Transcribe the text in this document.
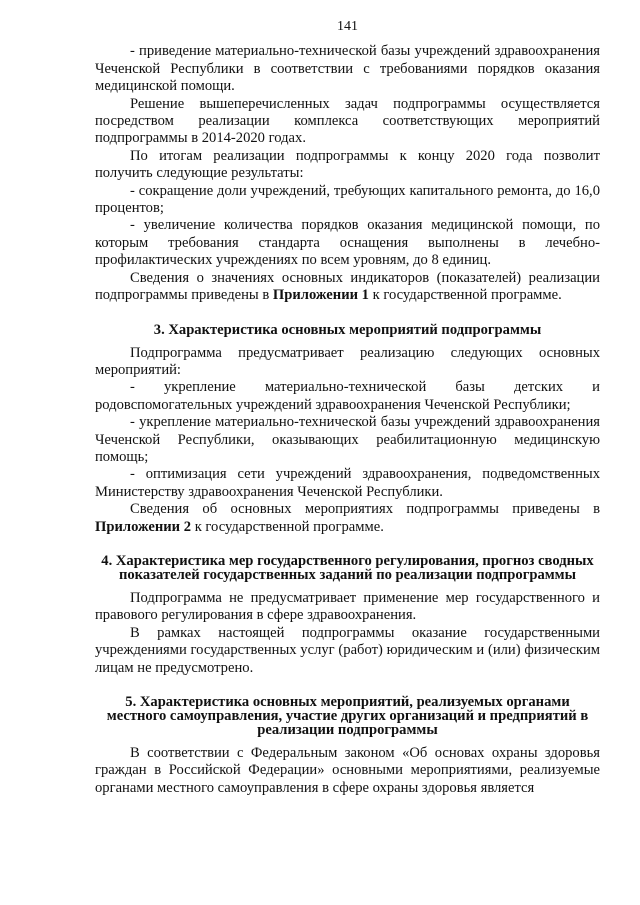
141

- приведение материально-технической базы учреждений здравоохранения Чеченской Республики в соответствии с требованиями порядков оказания медицинской помощи.

Решение вышеперечисленных задач подпрограммы осуществляется посредством реализации комплекса соответствующих мероприятий подпрограммы в 2014-2020 годах.

По итогам реализации подпрограммы к концу 2020 года позволит получить следующие результаты:

- сокращение доли учреждений, требующих капитального ремонта, до 16,0 процентов;

- увеличение количества порядков оказания медицинской помощи, по которым требования стандарта оснащения выполнены в лечебно-профилактических учреждениях по всем уровням, до 8 единиц.

Сведения о значениях основных индикаторов (показателей) реализации подпрограммы приведены в Приложении 1 к государственной программе.

3. Характеристика основных мероприятий подпрограммы

Подпрограмма предусматривает реализацию следующих основных мероприятий:

- укрепление материально-технической базы детских и родовспомогательных учреждений здравоохранения Чеченской Республики;

- укрепление материально-технической базы учреждений здравоохранения Чеченской Республики, оказывающих реабилитационную медицинскую помощь;

- оптимизация сети учреждений здравоохранения, подведомственных Министерству здравоохранения Чеченской Республики.

Сведения об основных мероприятиях подпрограммы приведены в Приложении 2 к государственной программе.

4. Характеристика мер государственного регулирования, прогноз сводных показателей государственных заданий по реализации подпрограммы

Подпрограмма не предусматривает применение мер государственного и правового регулирования в сфере здравоохранения.

В рамках настоящей подпрограммы оказание государственными учреждениями государственных услуг (работ) юридическим и (или) физическим лицам не предусмотрено.

5. Характеристика основных мероприятий, реализуемых органами местного самоуправления, участие других организаций и предприятий в реализации подпрограммы

В соответствии с Федеральным законом «Об основах охраны здоровья граждан в Российской Федерации» основными мероприятиями, реализуемые органами местного самоуправления в сфере охраны здоровья является
